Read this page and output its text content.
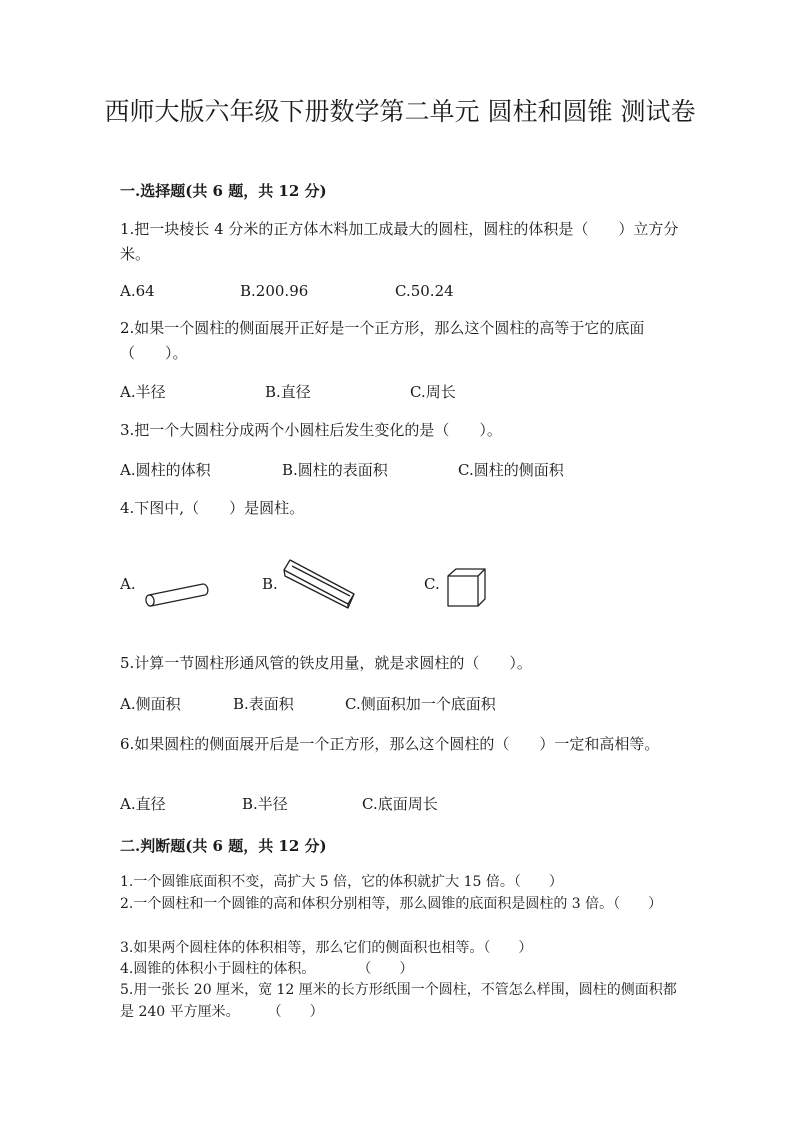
西师大版六年级下册数学第二单元 圆柱和圆锥 测试卷
一.选择题(共 6 题，共 12 分)
1.把一块棱长 4 分米的正方体木料加工成最大的圆柱，圆柱的体积是（　　）立方分米。
A.64	B.200.96	C.50.24
2.如果一个圆柱的侧面展开正好是一个正方形，那么这个圆柱的高等于它的底面（　　）。
A.半径	B.直径	C.周长
3.把一个大圆柱分成两个小圆柱后发生变化的是（　　）。
A.圆柱的体积	B.圆柱的表面积	C.圆柱的侧面积
4.下图中,（　　）是圆柱。
A.	B.	C.
5.计算一节圆柱形通风管的铁皮用量，就是求圆柱的（　　）。
A.侧面积	B.表面积	C.侧面积加一个底面积
6.如果圆柱的侧面展开后是一个正方形，那么这个圆柱的（　　）一定和高相等。
A.直径	B.半径	C.底面周长
二.判断题(共 6 题，共 12 分)
1.一个圆锥底面积不变，高扩大 5 倍，它的体积就扩大 15 倍。（　　）
2.一个圆柱和一个圆锥的高和体积分别相等，那么圆锥的底面积是圆柱的 3 倍。（　　）
3.如果两个圆柱体的体积相等，那么它们的侧面积也相等。（　　）
4.圆锥的体积小于圆柱的体积。　　　　（　　）
5.用一张长 20 厘米，宽 12 厘米的长方形纸围一个圆柱，不管怎么样围，圆柱的侧面积都是 240 平方厘米。　　　（　　）
